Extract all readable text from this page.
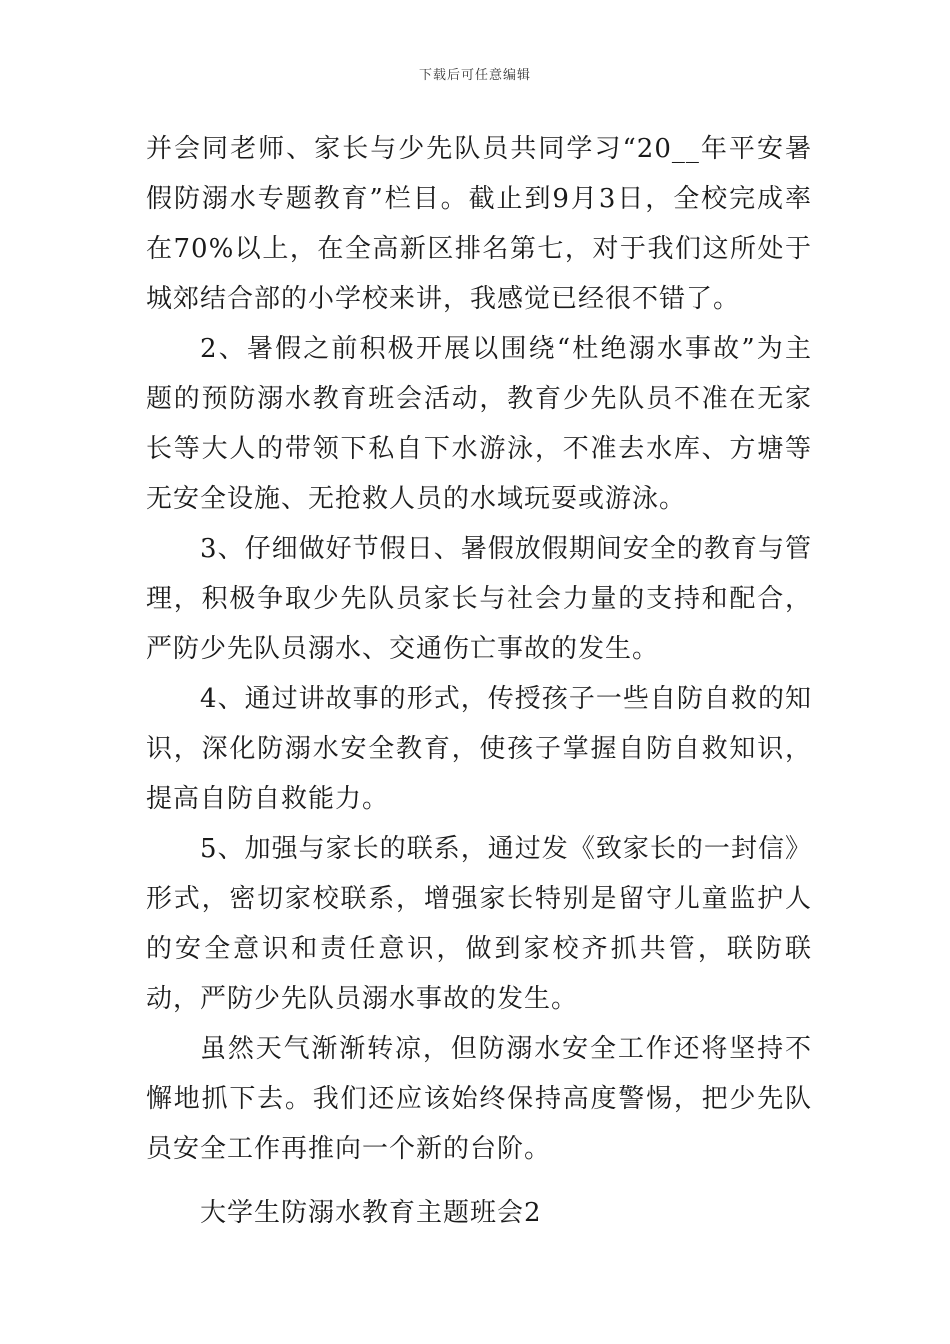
下载后可任意编辑

并会同老师、家长与少先队员共同学习“20__年平安暑假防溺水专题教育”栏目。截止到9月3日，全校完成率在70%以上，在全高新区排名第七，对于我们这所处于城郊结合部的小学校来讲，我感觉已经很不错了。

2、暑假之前积极开展以围绕“杜绝溺水事故”为主题的预防溺水教育班会活动，教育少先队员不准在无家长等大人的带领下私自下水游泳，不准去水库、方塘等无安全设施、无抢救人员的水域玩耍或游泳。

3、仔细做好节假日、暑假放假期间安全的教育与管理，积极争取少先队员家长与社会力量的支持和配合，严防少先队员溺水、交通伤亡事故的发生。

4、通过讲故事的形式，传授孩子一些自防自救的知识，深化防溺水安全教育，使孩子掌握自防自救知识，提高自防自救能力。

5、加强与家长的联系，通过发《致家长的一封信》形式，密切家校联系，增强家长特别是留守儿童监护人的安全意识和责任意识，做到家校齐抓共管，联防联动，严防少先队员溺水事故的发生。

虽然天气渐渐转凉，但防溺水安全工作还将坚持不懈地抓下去。我们还应该始终保持高度警惕，把少先队员安全工作再推向一个新的台阶。

大学生防溺水教育主题班会2
